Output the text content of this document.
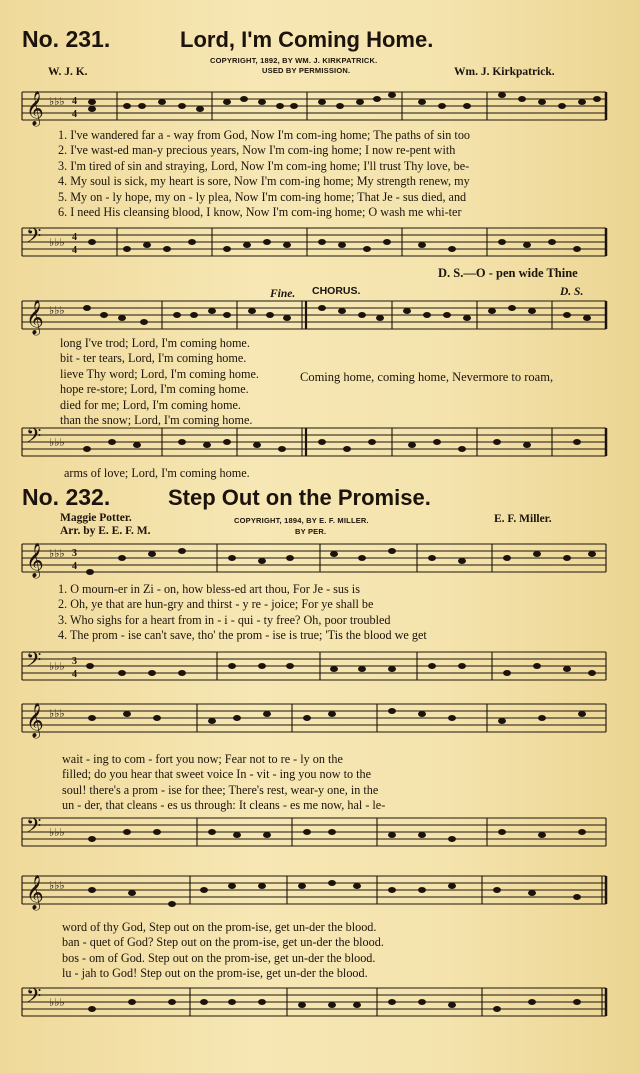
No. 231.	Lord, I'm Coming Home.
COPYRIGHT, 1892, BY WM. J. KIRKPATRICK.
USED BY PERMISSION.
W. J. K.	Wm. J. Kirkpatrick.
𝄞 ♭♭♭ 4
4
1. I've wandered far a - way from God, Now I'm com-ing home; The paths of sin too
2. I've wast-ed man-y precious years, Now I'm com-ing home; I now re-pent with
3. I'm tired of sin and straying, Lord, Now I'm com-ing home; I'll trust Thy love, be-
4. My soul is sick, my heart is sore, Now I'm com-ing home; My strength renew, my
5. My on - ly hope, my on - ly plea, Now I'm com-ing home; That Je - sus died, and
6. I need His cleansing blood, I know, Now I'm com-ing home; O wash me whi-ter
𝄢 ♭♭♭ 4
4
D. S.—O - pen wide Thine
Fine. CHORUS.	D. S.
𝄞 ♭♭♭
long I've trod; Lord, I'm coming home.
bit - ter tears, Lord, I'm coming home.
lieve Thy word; Lord, I'm coming home.
hope re-store; Lord, I'm coming home.
died for me; Lord, I'm coming home.
than the snow; Lord, I'm coming home.
Coming home, coming home, Nevermore to roam,
𝄢 ♭♭♭
arms of love; Lord, I'm coming home.
No. 232.	Step Out on the Promise.
Maggie Potter.
Arr. by E. E. F. M.
COPYRIGHT, 1894, BY E. F. MILLER.
BY PER.
E. F. Miller.
𝄞 ♭♭♭ 3
4
1. O mourn-er in Zi - on, how bless-ed art thou, For Je - sus is
2. Oh, ye that are hun-gry and thirst - y re - joice; For ye shall be
3. Who sighs for a heart from in - i - qui - ty free? Oh, poor troubled
4. The prom - ise can't save, tho' the prom - ise is true; 'Tis the blood we get
𝄢 ♭♭♭ 3
4
𝄞 ♭♭♭
wait - ing to com - fort you now; Fear not to re - ly on the
filled; do you hear that sweet voice In - vit - ing you now to the
soul! there's a prom - ise for thee; There's rest, wear-y one, in the
un - der, that cleans - es us through: It cleans - es me now, hal - le-
𝄢 ♭♭♭
𝄞 ♭♭♭
word of thy God, Step out on the prom-ise, get un-der the blood.
ban - quet of God? Step out on the prom-ise, get un-der the blood.
bos - om of God. Step out on the prom-ise, get un-der the blood.
lu - jah to God! Step out on the prom-ise, get un-der the blood.
𝄢 ♭♭♭
